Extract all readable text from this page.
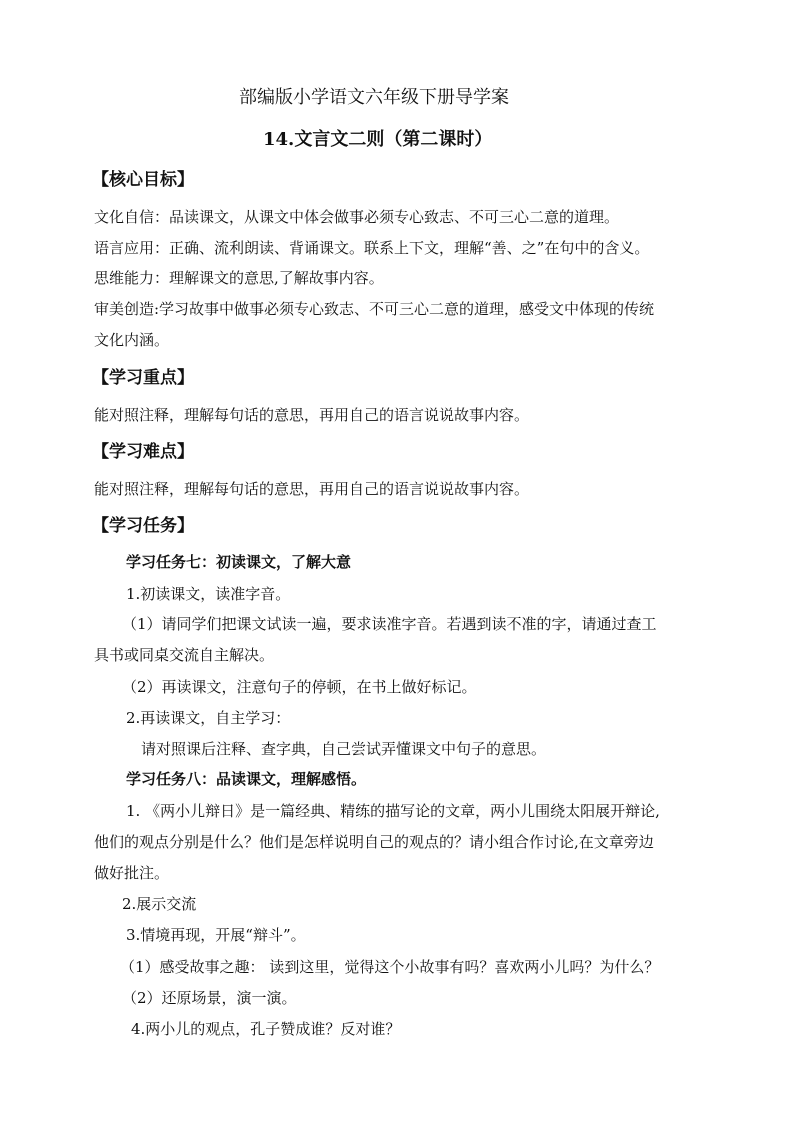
部编版小学语文六年级下册导学案
14.文言文二则（第二课时）
【核心目标】
文化自信：品读课文，从课文中体会做事必须专心致志、不可三心二意的道理。
语言应用：正确、流利朗读、背诵课文。联系上下文，理解“善、之”在句中的含义。
思维能力：理解课文的意思,了解故事内容。
审美创造:学习故事中做事必须专心致志、不可三心二意的道理，感受文中体现的传统
文化内涵。
【学习重点】
能对照注释，理解每句话的意思，再用自己的语言说说故事内容。
【学习难点】
能对照注释，理解每句话的意思，再用自己的语言说说故事内容。
【学习任务】
学习任务七：初读课文，了解大意
1.初读课文，读准字音。
（1）请同学们把课文试读一遍，要求读准字音。若遇到读不准的字，请通过查工
具书或同桌交流自主解决。
（2）再读课文，注意句子的停顿，在书上做好标记。
2.再读课文，自主学习：
请对照课后注释、查字典，自己尝试弄懂课文中句子的意思。
学习任务八：品读课文，理解感悟。
1. 《两小儿辩日》是一篇经典、精练的描写论的文章，两小儿围绕太阳展开辩论,
他们的观点分别是什么？他们是怎样说明自己的观点的？请小组合作讨论,在文章旁边
做好批注。
2.展示交流
3.情境再现，开展“辩斗”。
（1）感受故事之趣： 读到这里，觉得这个小故事有吗？喜欢两小儿吗？为什么？
（2）还原场景，演一演。
4.两小儿的观点，孔子赞成谁？反对谁？
